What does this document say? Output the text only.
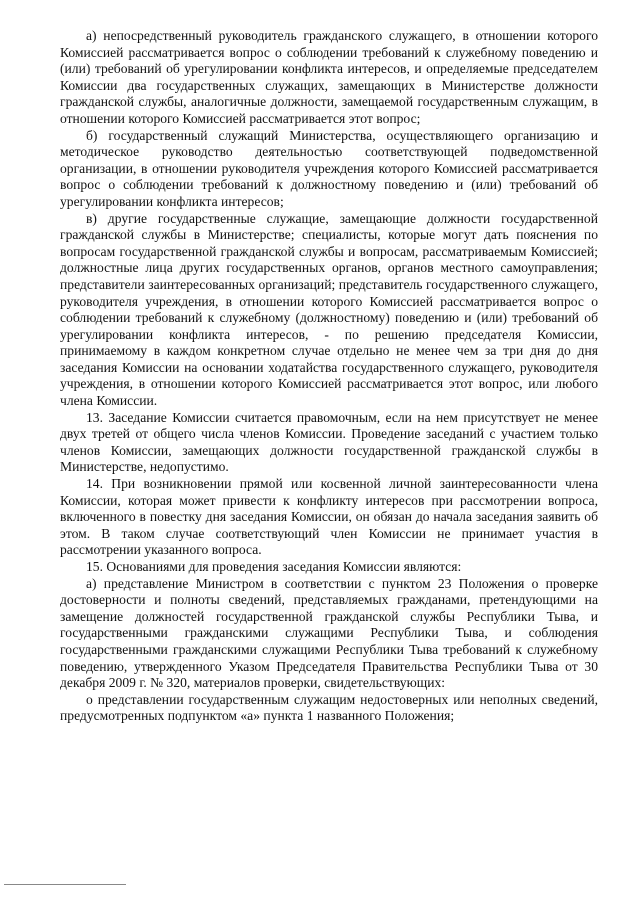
а) непосредственный руководитель гражданского служащего, в отношении которого Комиссией рассматривается вопрос о соблюдении требований к служебному поведению и (или) требований об урегулировании конфликта интересов, и определяемые председателем Комиссии два государственных служащих, замещающих в Министерстве должности гражданской службы, аналогичные должности, замещаемой государственным служащим, в отношении которого Комиссией рассматривается этот вопрос;

б) государственный служащий Министерства, осуществляющего организацию и методическое руководство деятельностью соответствующей подведомственной организации, в отношении руководителя учреждения которого Комиссией рассматривается вопрос о соблюдении требований к должностному поведению и (или) требований об урегулировании конфликта интересов;

в) другие государственные служащие, замещающие должности государственной гражданской службы в Министерстве; специалисты, которые могут дать пояснения по вопросам государственной гражданской службы и вопросам, рассматриваемым Комиссией; должностные лица других государственных органов, органов местного самоуправления; представители заинтересованных организаций; представитель государственного служащего, руководителя учреждения, в отношении которого Комиссией рассматривается вопрос о соблюдении требований к служебному (должностному) поведению и (или) требований об урегулировании конфликта интересов, - по решению председателя Комиссии, принимаемому в каждом конкретном случае отдельно не менее чем за три дня до дня заседания Комиссии на основании ходатайства государственного служащего, руководителя учреждения, в отношении которого Комиссией рассматривается этот вопрос, или любого члена Комиссии.

13. Заседание Комиссии считается правомочным, если на нем присутствует не менее двух третей от общего числа членов Комиссии. Проведение заседаний с участием только членов Комиссии, замещающих должности государственной гражданской службы в Министерстве, недопустимо.

14. При возникновении прямой или косвенной личной заинтересованности члена Комиссии, которая может привести к конфликту интересов при рассмотрении вопроса, включенного в повестку дня заседания Комиссии, он обязан до начала заседания заявить об этом. В таком случае соответствующий член Комиссии не принимает участия в рассмотрении указанного вопроса.

15. Основаниями для проведения заседания Комиссии являются:

а) представление Министром в соответствии с пунктом 23 Положения о проверке достоверности и полноты сведений, представляемых гражданами, претендующими на замещение должностей государственной гражданской службы Республики Тыва, и государственными гражданскими служащими Республики Тыва, и соблюдения государственными гражданскими служащими Республики Тыва требований к служебному поведению, утвержденного Указом Председателя Правительства Республики Тыва от 30 декабря 2009 г. № 320, материалов проверки, свидетельствующих:

о представлении государственным служащим недостоверных или неполных сведений, предусмотренных подпунктом «а» пункта 1 названного Положения;
